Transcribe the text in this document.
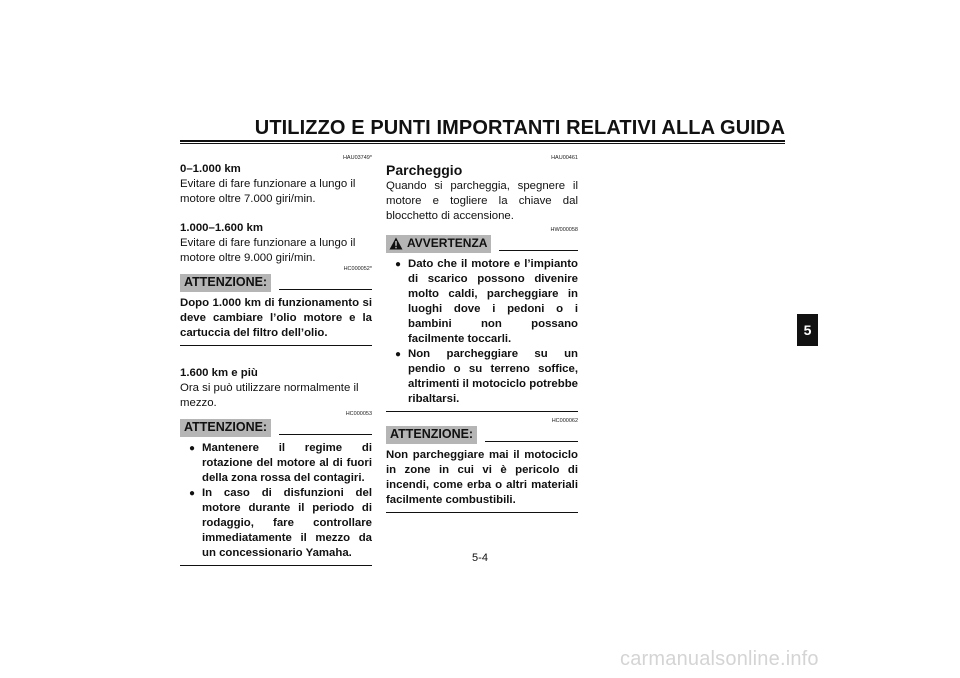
UTILIZZO E PUNTI IMPORTANTI RELATIVI ALLA GUIDA
HAU03749*

0–1.000 km

Evitare di fare funzionare a lungo il motore oltre 7.000 giri/min.

1.000–1.600 km

Evitare di fare funzionare a lungo il motore oltre 9.000 giri/min.

HC000052*
ATTENZIONE:

Dopo 1.000 km di funzionamento si deve cambiare l’olio motore e la cartuccia del filtro dell’olio.

1.600 km e più

Ora si può utilizzare normalmente il mezzo.

HC000053
ATTENZIONE:
● Mantenere il regime di rotazione del motore al di fuori della zona rossa del contagiri.
● In caso di disfunzioni del motore durante il periodo di rodaggio, fare controllare immediatamente il mezzo da un concessionario Yamaha.
HAU00461

Parcheggio

Quando si parcheggia, spegnere il motore e togliere la chiave dal blocchetto di accensione.

HW000058
AVVERTENZA
● Dato che il motore e l’impianto di scarico possono divenire molto caldi, parcheggiare in luoghi dove i pedoni o i bambini non possano facilmente toccarli.
● Non parcheggiare su un pendio o su terreno soffice, altrimenti il motociclo potrebbe ribaltarsi.
HC000062
ATTENZIONE:

Non parcheggiare mai il motociclo in zone in cui vi è pericolo di incendi, come erba o altri materiali facilmente combustibili.

5
5-4
carmanualsonline.info
